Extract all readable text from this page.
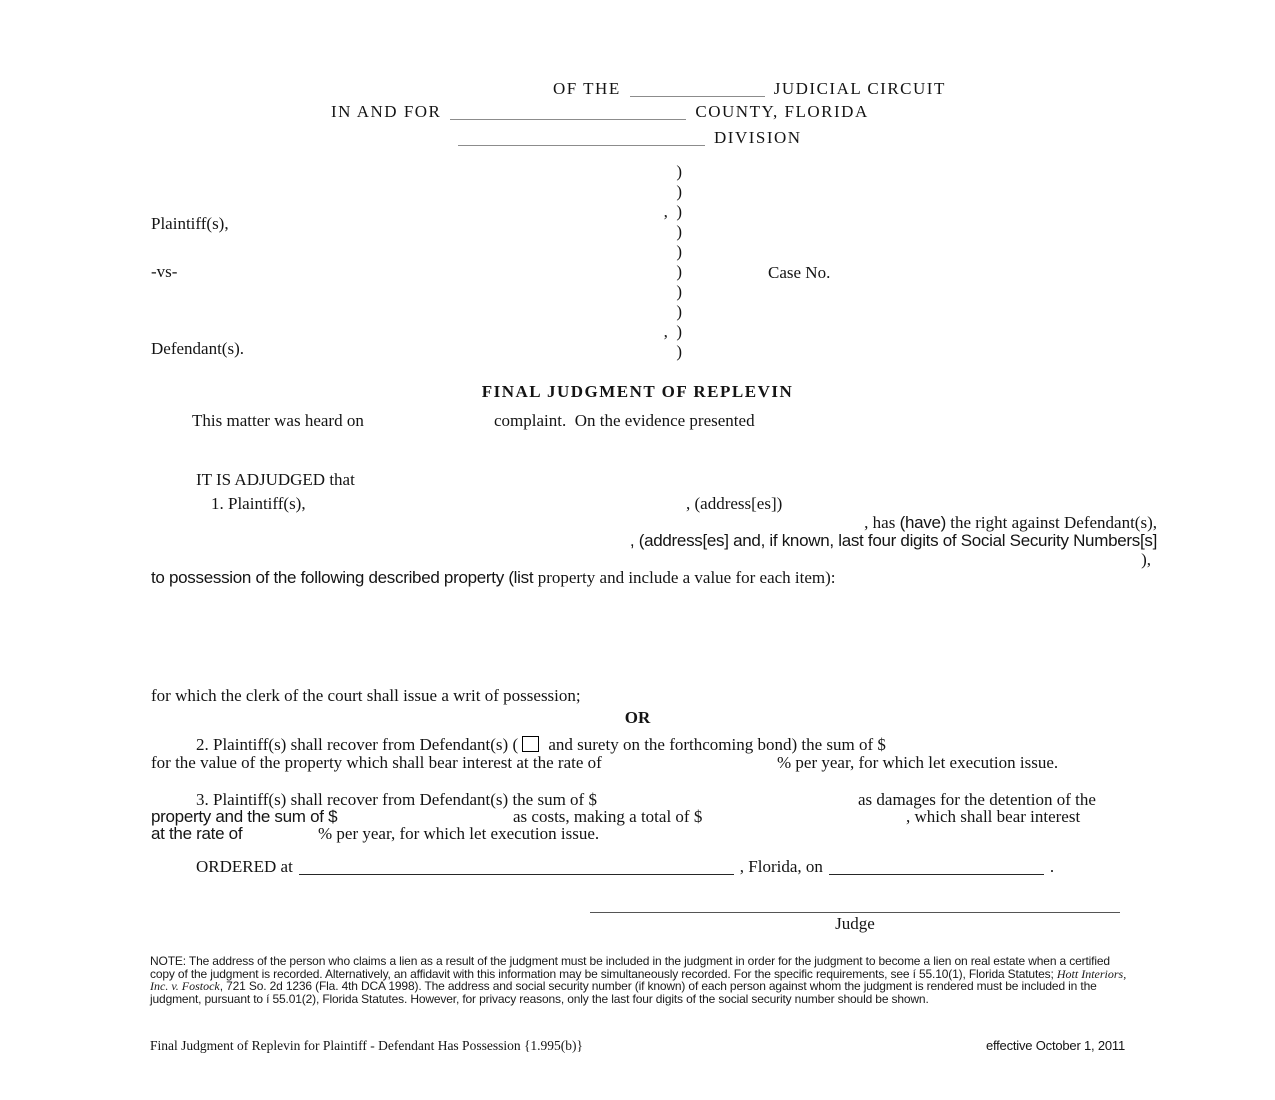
OF THE	JUDICIAL CIRCUIT
IN AND FOR	COUNTY, FLORIDA
DIVISION
Plaintiff(s),
-vs-
Defendant(s).
)
)
,  )
)
)
)
)
)
,  )
)
Case No.
FINAL JUDGMENT OF REPLEVIN
This matter was heard on	complaint.  On the evidence presented
IT IS ADJUDGED that
1. Plaintiff(s),	, (address[es])
, has (have) the right against Defendant(s),
, (address[es] and, if known, last four digits of Social Security Numbers[s]
),
to possession of the following described property (list property and include a value for each item):
for which the clerk of the court shall issue a writ of possession;
OR
2. Plaintiff(s) shall recover from Defendant(s) ( and surety on the forthcoming bond) the sum of $
for the value of the property which shall bear interest at the rate of	% per year, for which let execution issue.
3. Plaintiff(s) shall recover from Defendant(s) the sum of $	as damages for the detention of the
property and the sum of $	as costs, making a total of $	, which shall bear interest
at the rate of	% per year, for which let execution issue.
ORDERED at	, Florida, on	.
Judge
NOTE: The address of the person who claims a lien as a result of the judgment must be included in the judgment in order for the judgment to become a lien on real estate when a certified copy of the judgment is recorded. Alternatively, an affidavit with this information may be simultaneously recorded. For the specific requirements, see í 55.10(1), Florida Statutes; Hott Interiors, Inc. v. Fostock, 721 So. 2d 1236 (Fla. 4th DCA 1998). The address and social security number (if known) of each person against whom the judgment is rendered must be included in the judgment, pursuant to í 55.01(2), Florida Statutes. However, for privacy reasons, only the last four digits of the social security number should be shown.
Final Judgment of Replevin for Plaintiff - Defendant Has Possession {1.995(b)}	effective October 1, 2011
